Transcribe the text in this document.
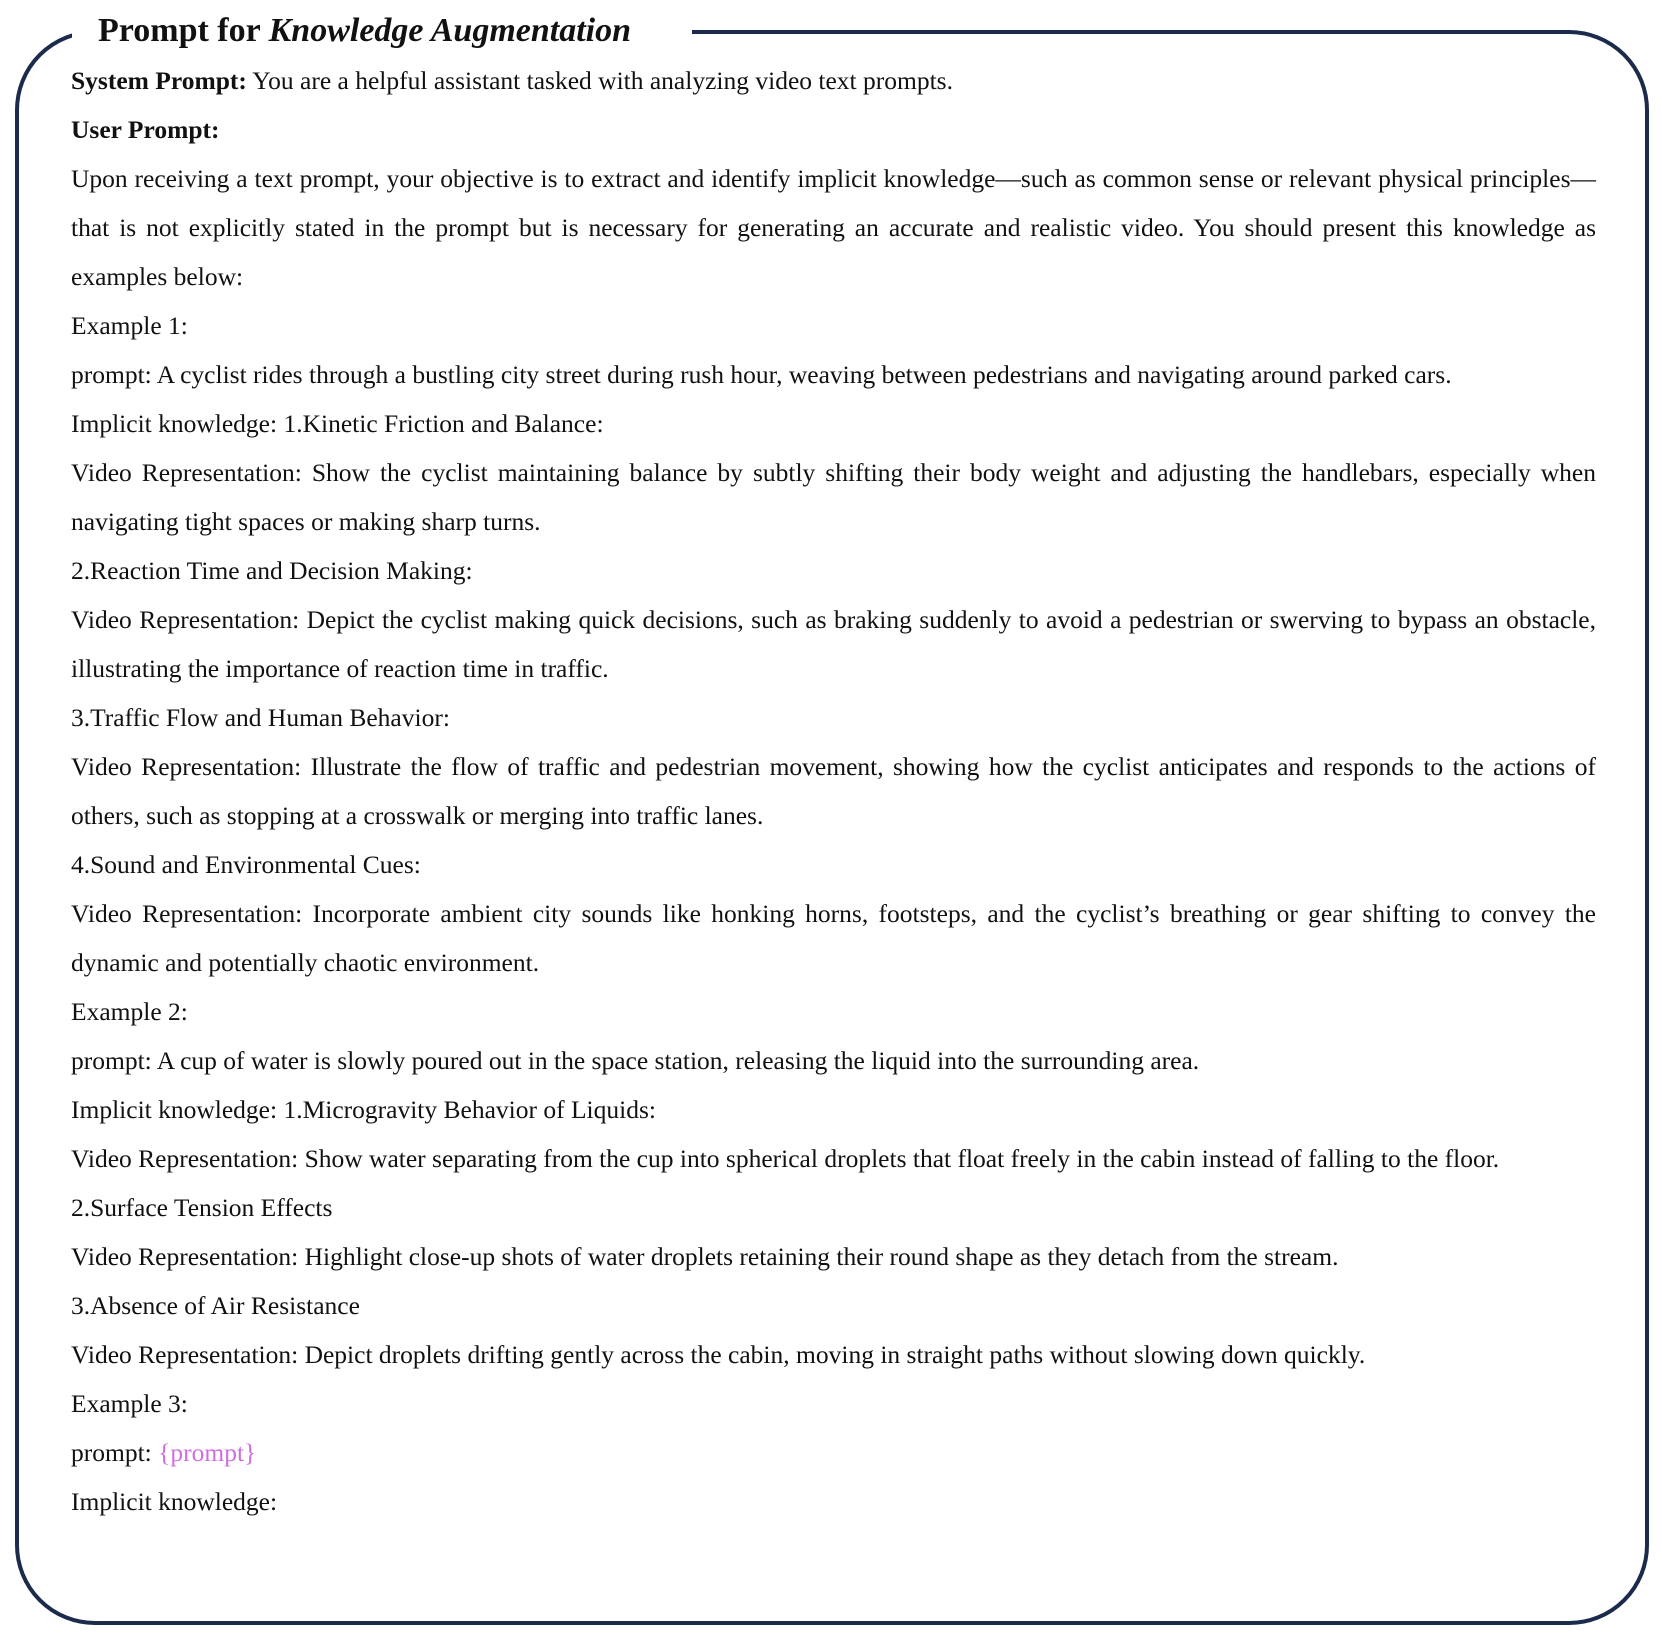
Prompt for Knowledge Augmentation
System Prompt: You are a helpful assistant tasked with analyzing video text prompts.
User Prompt:
Upon receiving a text prompt, your objective is to extract and identify implicit knowledge—such as common sense or relevant physical principles—that is not explicitly stated in the prompt but is necessary for generating an accurate and realistic video. You should present this knowledge as examples below:
Example 1:
prompt: A cyclist rides through a bustling city street during rush hour, weaving between pedestrians and navigating around parked cars.
Implicit knowledge: 1.Kinetic Friction and Balance:
Video Representation: Show the cyclist maintaining balance by subtly shifting their body weight and adjusting the handlebars, especially when navigating tight spaces or making sharp turns.
2.Reaction Time and Decision Making:
Video Representation: Depict the cyclist making quick decisions, such as braking suddenly to avoid a pedestrian or swerving to bypass an obstacle, illustrating the importance of reaction time in traffic.
3.Traffic Flow and Human Behavior:
Video Representation: Illustrate the flow of traffic and pedestrian movement, showing how the cyclist anticipates and responds to the actions of others, such as stopping at a crosswalk or merging into traffic lanes.
4.Sound and Environmental Cues:
Video Representation: Incorporate ambient city sounds like honking horns, footsteps, and the cyclist’s breathing or gear shifting to convey the dynamic and potentially chaotic environment.
Example 2:
prompt: A cup of water is slowly poured out in the space station, releasing the liquid into the surrounding area.
Implicit knowledge: 1.Microgravity Behavior of Liquids:
Video Representation: Show water separating from the cup into spherical droplets that float freely in the cabin instead of falling to the floor.
2.Surface Tension Effects
Video Representation: Highlight close-up shots of water droplets retaining their round shape as they detach from the stream.
3.Absence of Air Resistance
Video Representation: Depict droplets drifting gently across the cabin, moving in straight paths without slowing down quickly.
Example 3:
prompt: {prompt}
Implicit knowledge:
